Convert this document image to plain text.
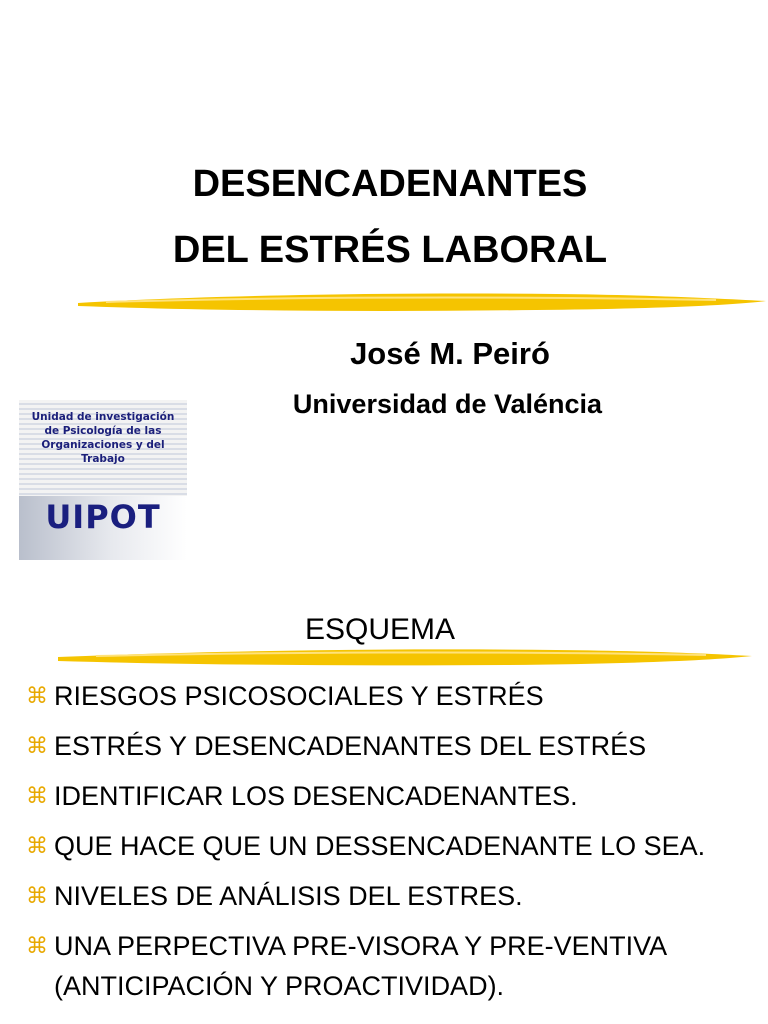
DESENCADENANTES
DEL ESTRÉS LABORAL
José M. Peiró
Universidad de Valéncia
Unidad de investigación
de Psicología de las
Organizaciones y del
Trabajo
UIPOT
ESQUEMA
⌘ RIESGOS PSICOSOCIALES Y ESTRÉS
⌘ ESTRÉS Y DESENCADENANTES DEL ESTRÉS
⌘ IDENTIFICAR LOS DESENCADENANTES.
⌘ QUE HACE QUE UN DESSENCADENANTE LO SEA.
⌘ NIVELES DE ANÁLISIS DEL ESTRES.
⌘ UNA PERPECTIVA PRE-VISORA Y PRE-VENTIVA (ANTICIPACIÓN Y PROACTIVIDAD).
